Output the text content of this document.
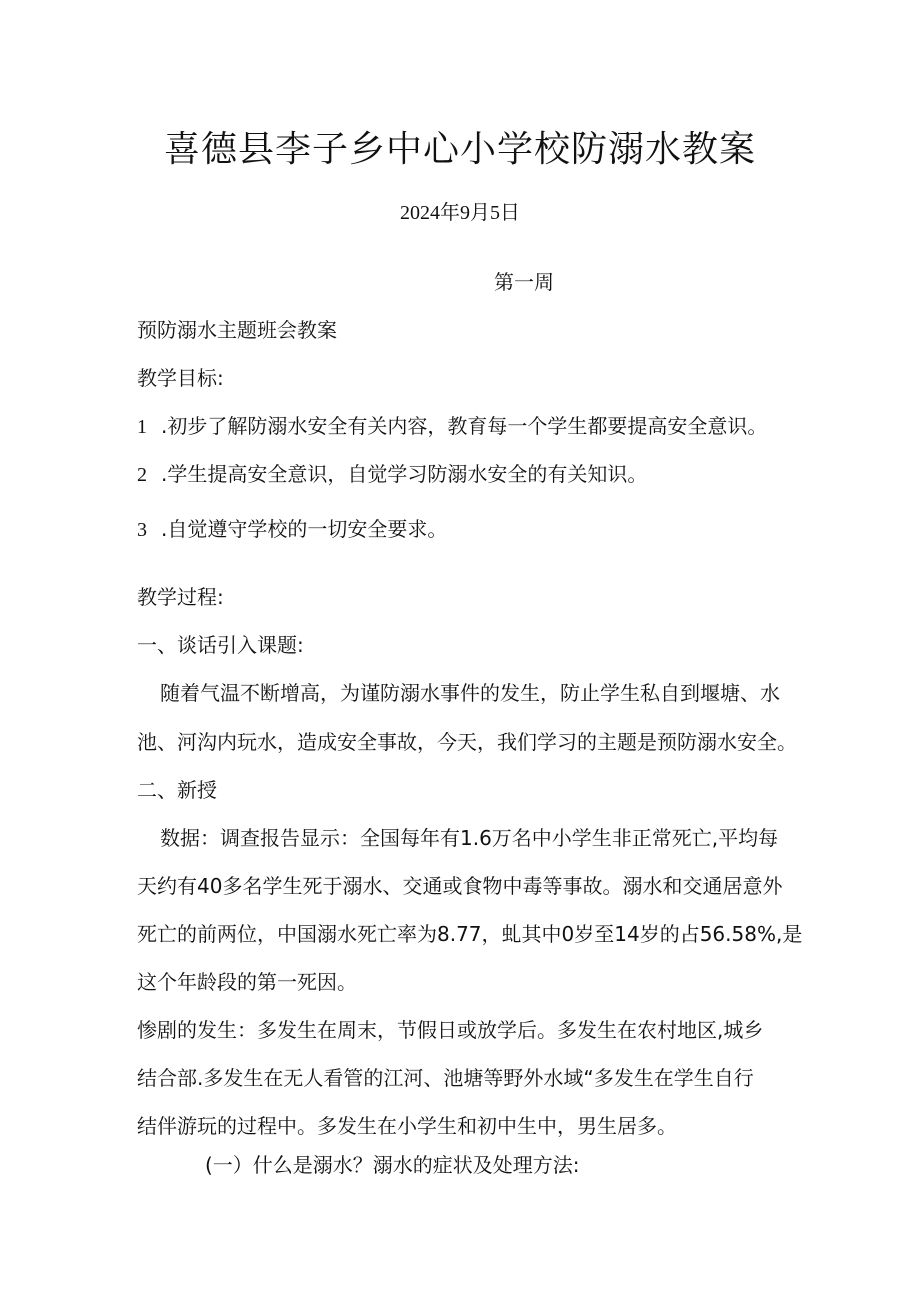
喜德县李子乡中心小学校防溺水教案
2024年9月5日
第一周
预防溺水主题班会教案
教学目标:
1 .初步了解防溺水安全有关内容，教育每一个学生都要提高安全意识。
2 .学生提高安全意识，自觉学习防溺水安全的有关知识。
3 .自觉遵守学校的一切安全要求。
教学过程:
一、谈话引入课题:
随着气温不断增高，为谨防溺水事件的发生，防止学生私自到堰塘、水
池、河沟内玩水，造成安全事故，今天，我们学习的主题是预防溺水安全。
二、新授
数据：调查报告显示：全国每年有1.6万名中小学生非正常死亡,平均每
天约有40多名学生死于溺水、交通或食物中毒等事故。溺水和交通居意外
死亡的前两位，中国溺水死亡率为8.77，虬其中0岁至14岁的占56.58%,是
这个年龄段的第一死因。
惨剧的发生：多发生在周末，节假日或放学后。多发生在农村地区,城乡
结合部.多发生在无人看管的江河、池塘等野外水域“多发生在学生自行
结伴游玩的过程中。多发生在小学生和初中生中，男生居多。
(一）什么是溺水？溺水的症状及处理方法:
